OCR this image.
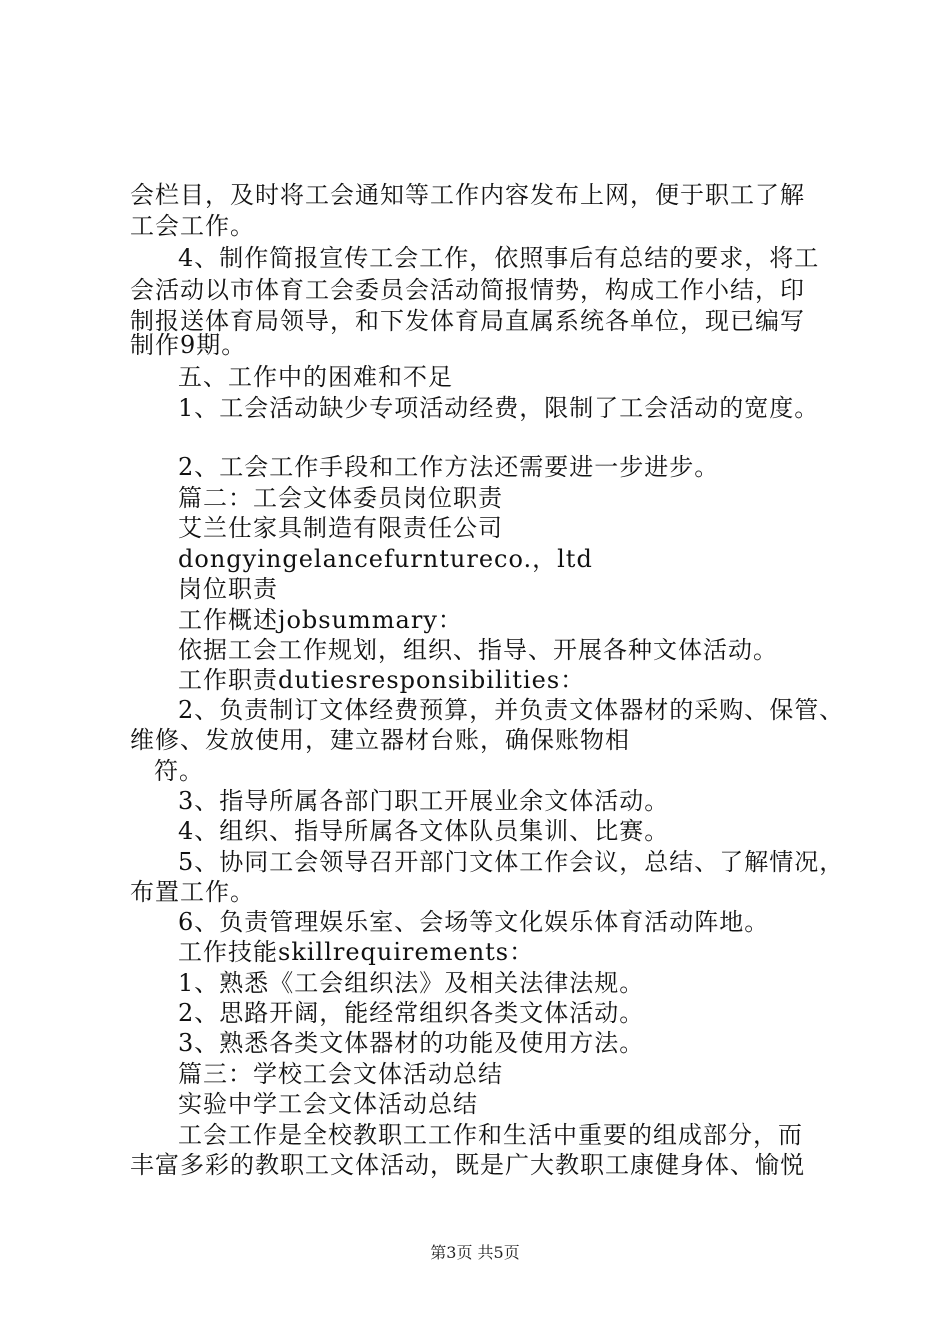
会栏目，及时将工会通知等工作内容发布上网，便于职工了解
工会工作。
4、制作简报宣传工会工作，依照事后有总结的要求，将工
会活动以市体育工会委员会活动简报情势，构成工作小结，印
制报送体育局领导，和下发体育局直属系统各单位，现已编写
制作9期。
五、工作中的困难和不足
1、工会活动缺少专项活动经费，限制了工会活动的宽度。
2、工会工作手段和工作方法还需要进一步进步。
篇二：工会文体委员岗位职责
艾兰仕家具制造有限责任公司
dongyingelancefurntureco.，ltd
岗位职责
工作概述jobsummary：
依据工会工作规划，组织、指导、开展各种文体活动。
工作职责dutiesresponsibilities：
2、负责制订文体经费预算，并负责文体器材的采购、保管、
维修、发放使用，建立器材台账，确保账物相
符。
3、指导所属各部门职工开展业余文体活动。
4、组织、指导所属各文体队员集训、比赛。
5、协同工会领导召开部门文体工作会议，总结、了解情况，
布置工作。
6、负责管理娱乐室、会场等文化娱乐体育活动阵地。
工作技能skillrequirements：
1、熟悉《工会组织法》及相关法律法规。
2、思路开阔，能经常组织各类文体活动。
3、熟悉各类文体器材的功能及使用方法。
篇三：学校工会文体活动总结
实验中学工会文体活动总结
工会工作是全校教职工工作和生活中重要的组成部分，而
丰富多彩的教职工文体活动，既是广大教职工康健身体、愉悦
第3页 共5页
